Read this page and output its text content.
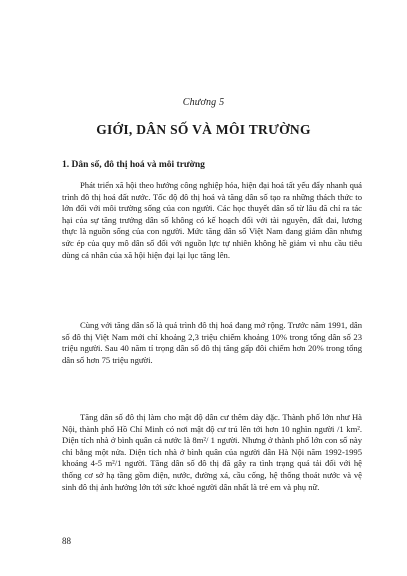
Chương 5
GIỚI, DÂN SỐ VÀ MÔI TRƯỜNG
1. Dân số, đô thị hoá và môi trường
Phát triển xã hội theo hướng công nghiệp hóa, hiện đại hoá tất yếu đẩy nhanh quá trình đô thị hoá đất nước. Tốc độ đô thị hoá và tăng dân số tạo ra những thách thức to lớn đối với môi trường sống của con người. Các học thuyết dân số từ lâu đã chỉ ra tác hại của sự tăng trưởng dân số không có kế hoạch đối với tài nguyên, đất đai, lương thực là nguồn sống của con người. Mức tăng dân số Việt Nam đang giảm dần nhưng sức ép của quy mô dân số đối với nguồn lực tự nhiên không hề giảm vì nhu cầu tiêu dùng cá nhân của xã hội hiện đại lại lục tăng lên.
Cùng với tăng dân số là quá trình đô thị hoá đang mở rộng. Trước năm 1991, dân số đô thị Việt Nam mới chỉ khoảng 2,3 triệu chiếm khoảng 10% trong tổng dân số 23 triệu người. Sau 40 năm tỉ trọng dân số đô thị tăng gấp đôi chiếm hơn 20% trong tổng dân số hơn 75 triệu người.
Tăng dân số đô thị làm cho mật độ dân cư thêm dày đặc. Thành phố lớn như Hà Nội, thành phố Hồ Chí Minh có nơi mật độ cư trú lên tới hơn 10 nghìn người /1 km². Diện tích nhà ở bình quân cả nước là 8m²/ 1 người. Nhưng ở thành phố lớn con số này chỉ bằng một nửa. Diện tích nhà ở bình quân của người dân Hà Nội năm 1992-1995 khoảng 4-5 m²/1 người. Tăng dân số đô thị đã gây ra tình trạng quá tải đối với hệ thống cơ sở hạ tầng gồm điện, nước, đường xá, cầu cống, hệ thống thoát nước và vệ sinh đô thị ảnh hưởng lớn tới sức khoẻ người dân nhất là trẻ em và phụ nữ.
88
